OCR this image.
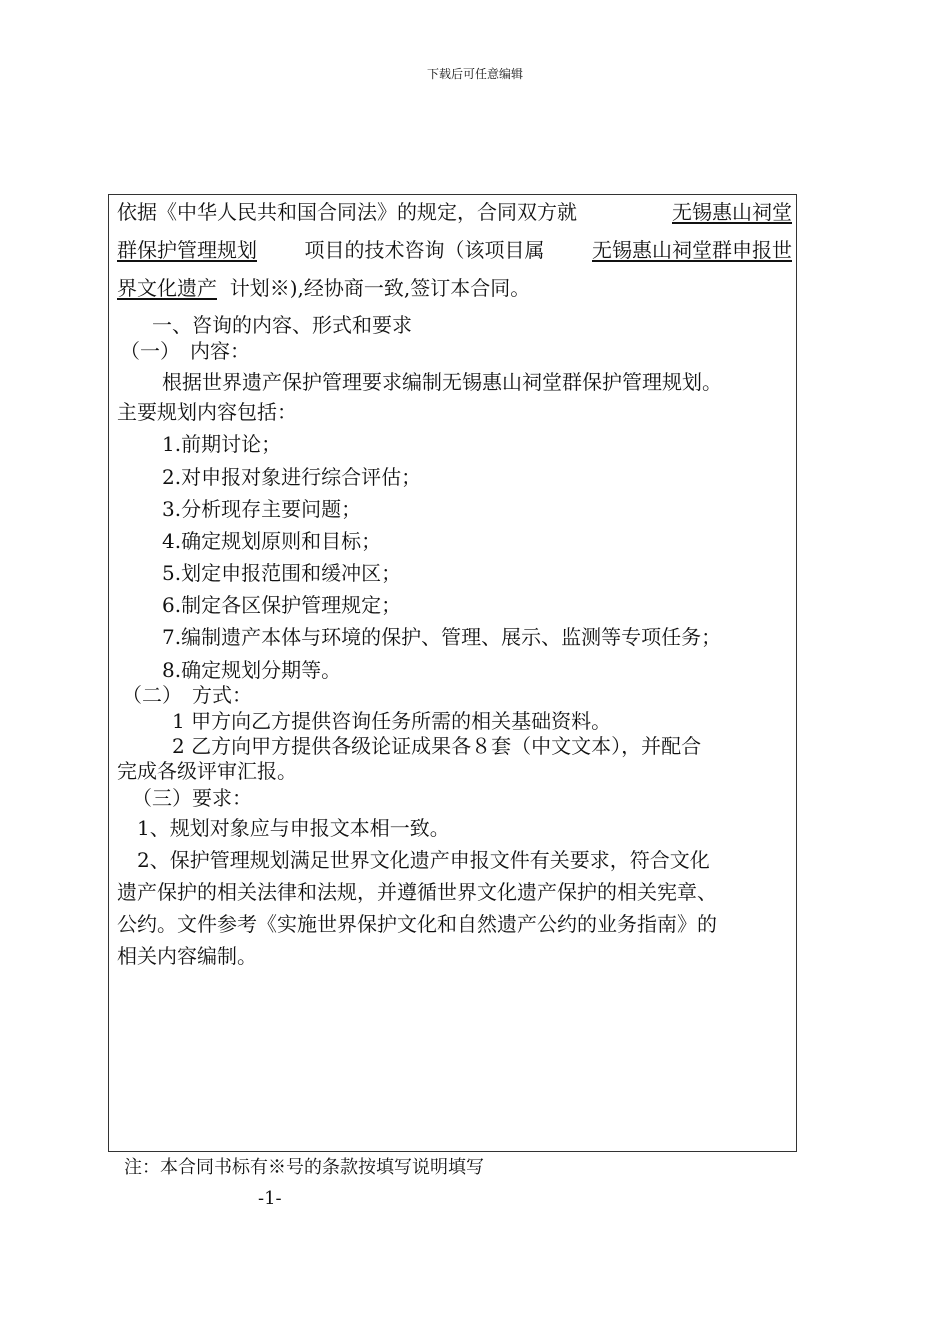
下载后可任意编辑
依据《中华人民共和国合同法》的规定，合同双方就	无锡惠山祠堂
群保护管理规划 项目的技术咨询（该项目属 无锡惠山祠堂群申报世
界文化遗产 计划※),经协商一致,签订本合同。
一、咨询的内容、形式和要求
（一）　内容：
根据世界遗产保护管理要求编制无锡惠山祠堂群保护管理规划。
主要规划内容包括：
1.前期讨论；
2.对申报对象进行综合评估；
3.分析现存主要问题；
4.确定规划原则和目标；
5.划定申报范围和缓冲区；
6.制定各区保护管理规定；
7.编制遗产本体与环境的保护、管理、展示、监测等专项任务；
8.确定规划分期等。
（二）　方式：
1 甲方向乙方提供咨询任务所需的相关基础资料。
2 乙方向甲方提供各级论证成果各８套（中文文本），并配合
完成各级评审汇报。
（三）要求：
1、规划对象应与申报文本相一致。
2、保护管理规划满足世界文化遗产申报文件有关要求，符合文化
遗产保护的相关法律和法规，并遵循世界文化遗产保护的相关宪章、
公约。文件参考《实施世界保护文化和自然遗产公约的业务指南》的
相关内容编制。
注：本合同书标有※号的条款按填写说明填写
-1-
